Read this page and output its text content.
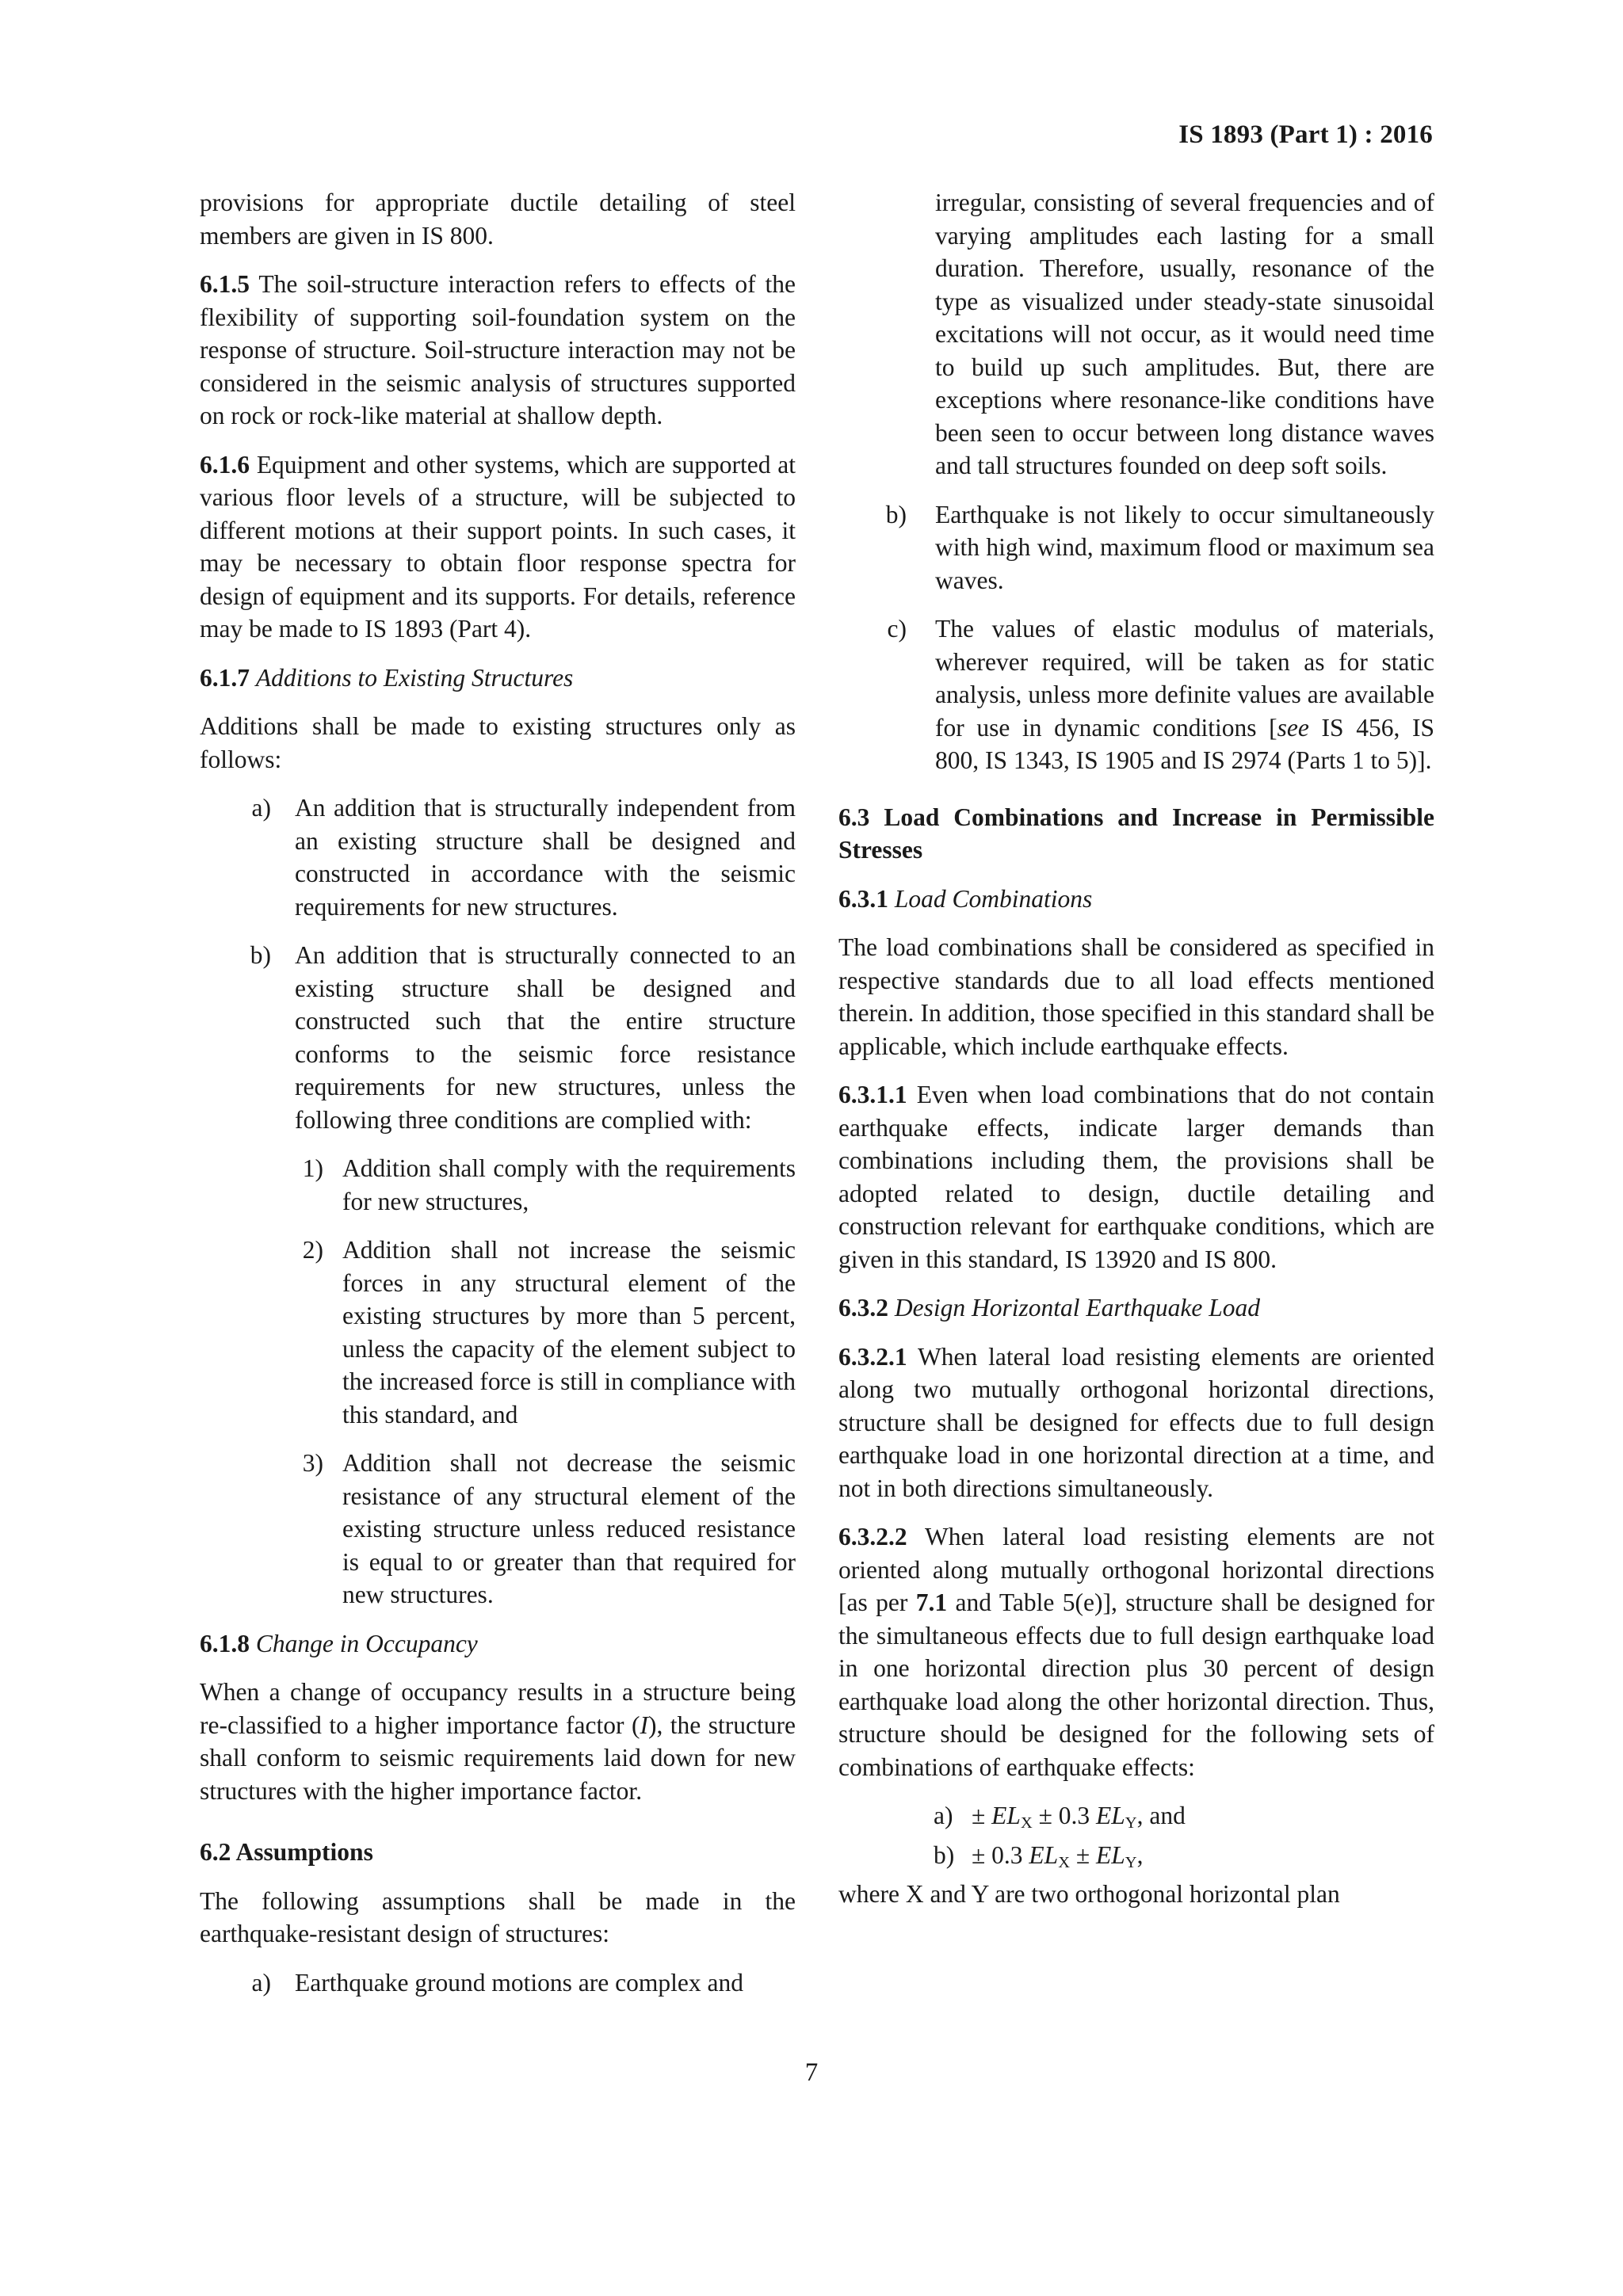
IS 1893 (Part 1) : 2016

provisions for appropriate ductile detailing of steel members are given in IS 800.

6.1.5 The soil-structure interaction refers to effects of the flexibility of supporting soil-foundation system on the response of structure. Soil-structure interaction may not be considered in the seismic analysis of structures supported on rock or rock-like material at shallow depth.

6.1.6 Equipment and other systems, which are supported at various floor levels of a structure, will be subjected to different motions at their support points. In such cases, it may be necessary to obtain floor response spectra for design of equipment and its supports. For details, reference may be made to IS 1893 (Part 4).

6.1.7 Additions to Existing Structures

Additions shall be made to existing structures only as follows:

a) An addition that is structurally independent from an existing structure shall be designed and constructed in accordance with the seismic requirements for new structures.
b) An addition that is structurally connected to an existing structure shall be designed and constructed such that the entire structure conforms to the seismic force resistance requirements for new structures, unless the following three conditions are complied with:
1) Addition shall comply with the requirements for new structures,
2) Addition shall not increase the seismic forces in any structural element of the existing structures by more than 5 percent, unless the capacity of the element subject to the increased force is still in compliance with this standard, and
3) Addition shall not decrease the seismic resistance of any structural element of the existing structure unless reduced resistance is equal to or greater than that required for new structures.

6.1.8 Change in Occupancy

When a change of occupancy results in a structure being re-classified to a higher importance factor (I), the structure shall conform to seismic requirements laid down for new structures with the higher importance factor.

6.2 Assumptions

The following assumptions shall be made in the earthquake-resistant design of structures:

a) Earthquake ground motions are complex and
irregular, consisting of several frequencies and of varying amplitudes each lasting for a small duration. Therefore, usually, resonance of the type as visualized under steady-state sinusoidal excitations will not occur, as it would need time to build up such amplitudes. But, there are exceptions where resonance-like conditions have been seen to occur between long distance waves and tall structures founded on deep soft soils.
b) Earthquake is not likely to occur simultaneously with high wind, maximum flood or maximum sea waves.
c) The values of elastic modulus of materials, wherever required, will be taken as for static analysis, unless more definite values are available for use in dynamic conditions [see IS 456, IS 800, IS 1343, IS 1905 and IS 2974 (Parts 1 to 5)].

6.3 Load Combinations and Increase in Permissible Stresses

6.3.1 Load Combinations

The load combinations shall be considered as specified in respective standards due to all load effects mentioned therein. In addition, those specified in this standard shall be applicable, which include earthquake effects.

6.3.1.1 Even when load combinations that do not contain earthquake effects, indicate larger demands than combinations including them, the provisions shall be adopted related to design, ductile detailing and construction relevant for earthquake conditions, which are given in this standard, IS 13920 and IS 800.

6.3.2 Design Horizontal Earthquake Load

6.3.2.1 When lateral load resisting elements are oriented along two mutually orthogonal horizontal directions, structure shall be designed for effects due to full design earthquake load in one horizontal direction at a time, and not in both directions simultaneously.

6.3.2.2 When lateral load resisting elements are not oriented along mutually orthogonal horizontal directions [as per 7.1 and Table 5(e)], structure shall be designed for the simultaneous effects due to full design earthquake load in one horizontal direction plus 30 percent of design earthquake load along the other horizontal direction. Thus, structure should be designed for the following sets of combinations of earthquake effects:

$a) \pm EL_X \pm 0.3$ $EL_Y$, and
b) ± 0.3 $EL_X \pm EL_Y$,

where X and Y are two orthogonal horizontal plan

7
